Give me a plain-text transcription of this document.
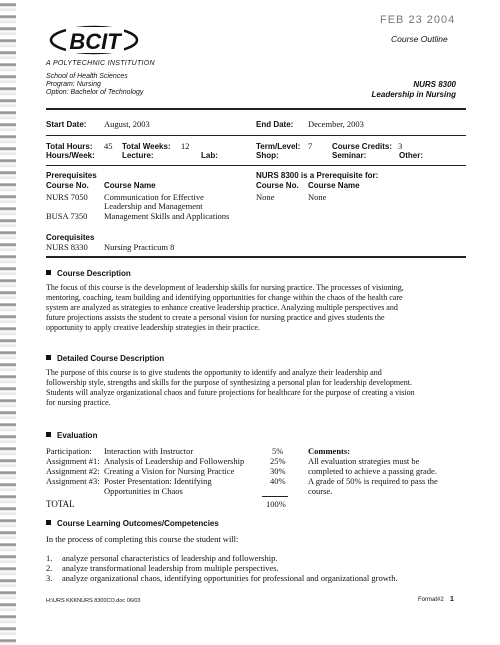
FEB 23 2004
BCIT
A POLYTECHNIC INSTITUTION
Course Outline
School of Health Sciences
Program: Nursing
Option: Bachelor of Technology
NURS 8300
Leadership in Nursing
Start Date: August, 2003	End Date: December, 2003
Total Hours: 45 Total Weeks: 12	Term/Level: 7 Course Credits: 3
Hours/Week:	Lecture:	Lab:	Shop:	Seminar:	Other:
Prerequisites
Course No. Course Name
NURS 7050 Communication for Effective
Leadership and Management
BUSA 7350 Management Skills and Applications
NURS 8300 is a Prerequisite for:
Course No. Course Name
None	None
Corequisites
NURS 8330 Nursing Practicum 8
Course Description
The focus of this course is the development of leadership skills for nursing practice. The processes of visioning,
mentoring, coaching, team building and identifying opportunities for change within the chaos of the health care
system are analyzed as strategies to enhance creative leadership practice. Analyzing multiple perspectives and
future projections assists the student to create a personal vision for nursing practice and gives students the
opportunity to apply creative leadership strategies in their practice.
Detailed Course Description
The purpose of this course is to give students the opportunity to identify and analyze their leadership and
followership style, strengths and skills for the purpose of synthesizing a personal plan for leadership development.
Students will analyze organizational chaos and future projections for healthcare for the purpose of creating a vision
for nursing practice.
Evaluation
Participation: Interaction with Instructor	5%
Assignment #1: Analysis of Leadership and Followership	25%
Assignment #2: Creating a Vision for Nursing Practice	30%
Assignment #3: Poster Presentation: Identifying	40%
Opportunities in Chaos
TOTAL	100%
Comments:
All evaluation strategies must be
completed to achieve a passing grade.
A grade of 50% is required to pass the
course.
Course Learning Outcomes/Competencies
In the process of completing this course the student will:
1. analyze personal characteristics of leadership and followership.
2. analyze transformational leadership from multiple perspectives.
3. analyze organizational chaos, identifying opportunities for professional and organizational growth.
H:\URS KKKNURS 8300CO.doc 06/03	Format#2 1
